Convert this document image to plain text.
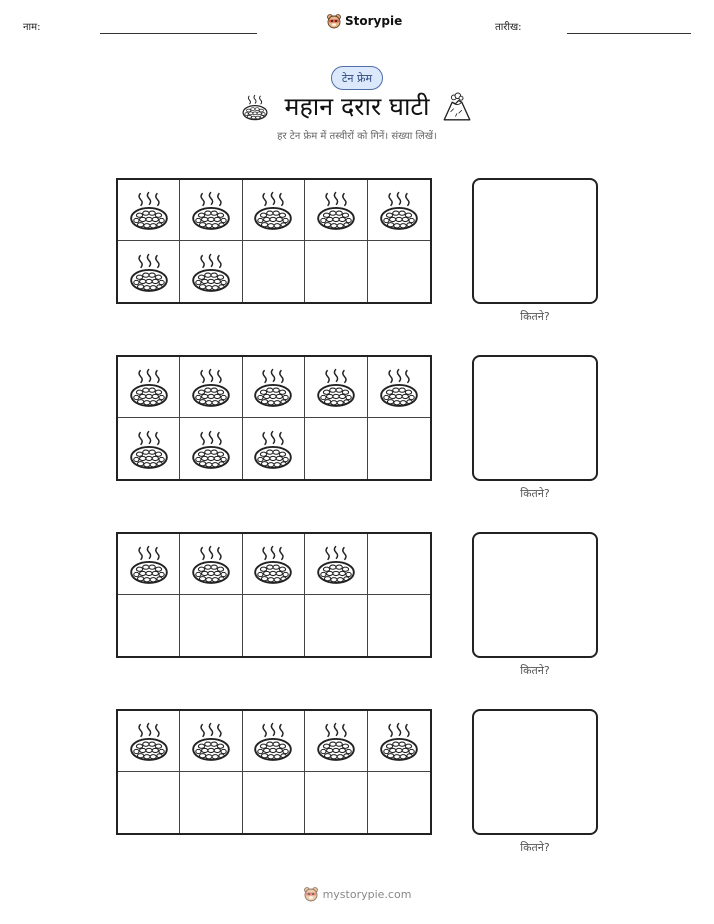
नाम:	Storypie	तारीख:
टेन फ्रेम
महान दरार घाटी
हर टेन फ्रेम में तस्वीरों को गिनें। संख्या लिखें।
कितने?
कितने?
कितने?
कितने?
mystorypie.com
